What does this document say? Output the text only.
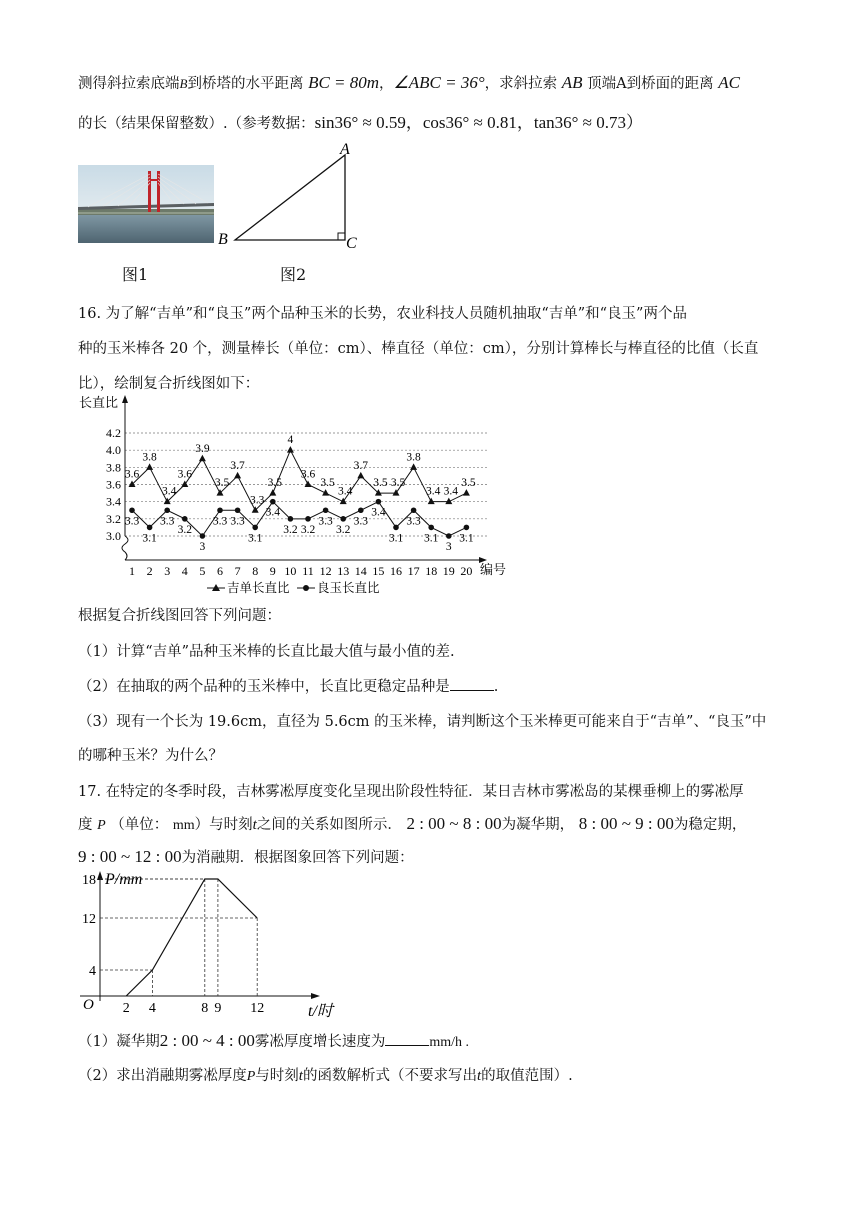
测得斜拉索底端B到桥塔的水平距离 BC = 80m，∠ABC = 36°，求斜拉索 AB 顶端A到桥面的距离 AC
的长（结果保留整数）.（参考数据：sin36° ≈ 0.59，cos36° ≈ 0.81，tan36° ≈ 0.73）
图1
A
B	C
图2
16. 为了解“吉单”和“良玉”两个品种玉米的长势，农业科技人员随机抽取“吉单”和“良玉”两个品
种的玉米棒各 20 个，测量棒长（单位：cm）、棒直径（单位：cm），分别计算棒长与棒直径的比值（长直
比），绘制复合折线图如下：
长直比
编号
3.0
3.2
3.4
3.6
3.8
4.0
4.2
1 2 3 4 5 6 7 8 9 10 11 12 13 14 15 16 17 18 19 20
3.6
3.8
3.4
3.6
3.9
3.5
3.7
3.3
3.5
4
3.6
3.5
3.4
3.7
3.5 3.5
3.8
3.4 3.4
3.5
3.3
3.1
3.3
3.2
3
3.3 3.3
3.1
3.4
3.2 3.2
3.3
3.2
3.3
3.4
3.1
3.3
3.1
3
3.1
吉单长直比 良玉长直比
根据复合折线图回答下列问题：
（1）计算“吉单”品种玉米棒的长直比最大值与最小值的差.
（2）在抽取的两个品种的玉米棒中，长直比更稳定品种是	.
（3）现有一个长为 19.6cm，直径为 5.6cm 的玉米棒，请判断这个玉米棒更可能来自于“吉单”、“良玉”中
的哪种玉米？为什么？
17. 在特定的冬季时段，吉林雾凇厚度变化呈现出阶段性特征．某日吉林市雾凇岛的某棵垂柳上的雾凇厚
度 P （单位： mm）与时刻t之间的关系如图所示． 2 : 00 ~ 8 : 00为凝华期， 8 : 00 ~ 9 : 00为稳定期，
9 : 00 ~ 12 : 00为消融期．根据图象回答下列问题：
2 4	8 9 12
4
12
18 P/mm
t/时
O
（1）凝华期2 : 00 ~ 4 : 00雾凇厚度增长速度为	mm/h .
（2）求出消融期雾凇厚度P与时刻t的函数解析式（不要求写出t的取值范围）.
